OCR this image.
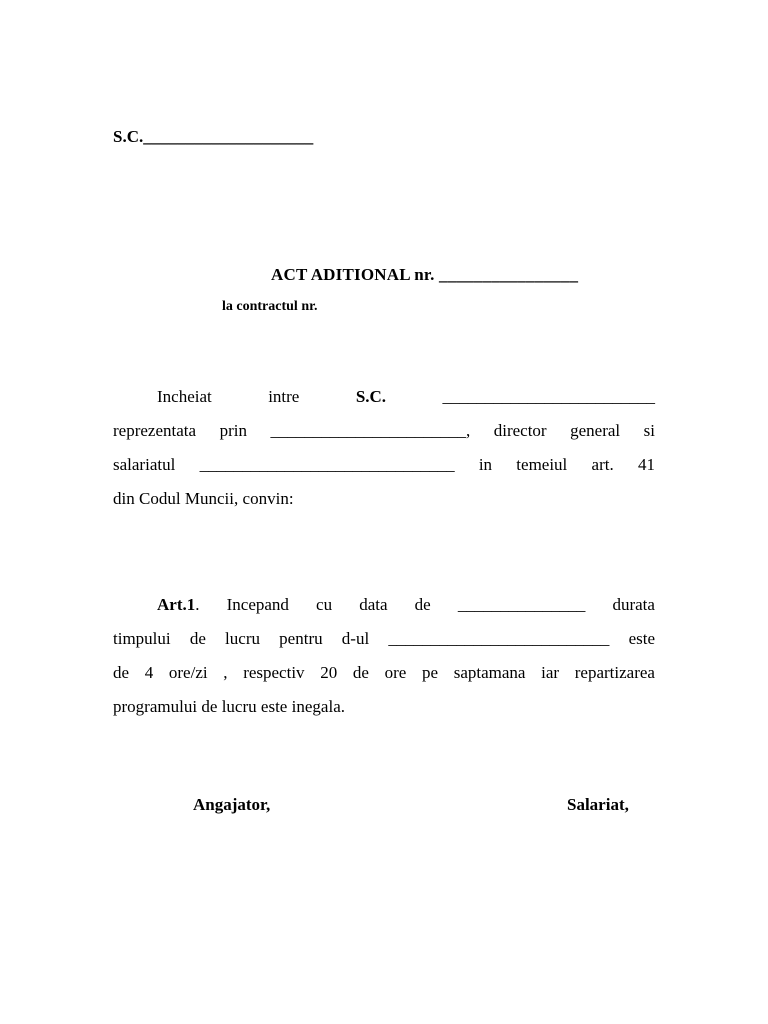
S.C.____________________
ACT ADITIONAL nr. ________________
la contractul nr.
Incheiat	intre	S.C.	_________________________
reprezentata prin _______________________, director general si
salariatul ______________________________ in temeiul art. 41
din Codul Muncii, convin:
Art.1. Incepand cu data de _______________ durata
timpului de lucru pentru d-ul __________________________ este
de 4 ore/zi , respectiv 20 de ore pe saptamana iar repartizarea
programului de lucru este inegala.
Angajator,	Salariat,
